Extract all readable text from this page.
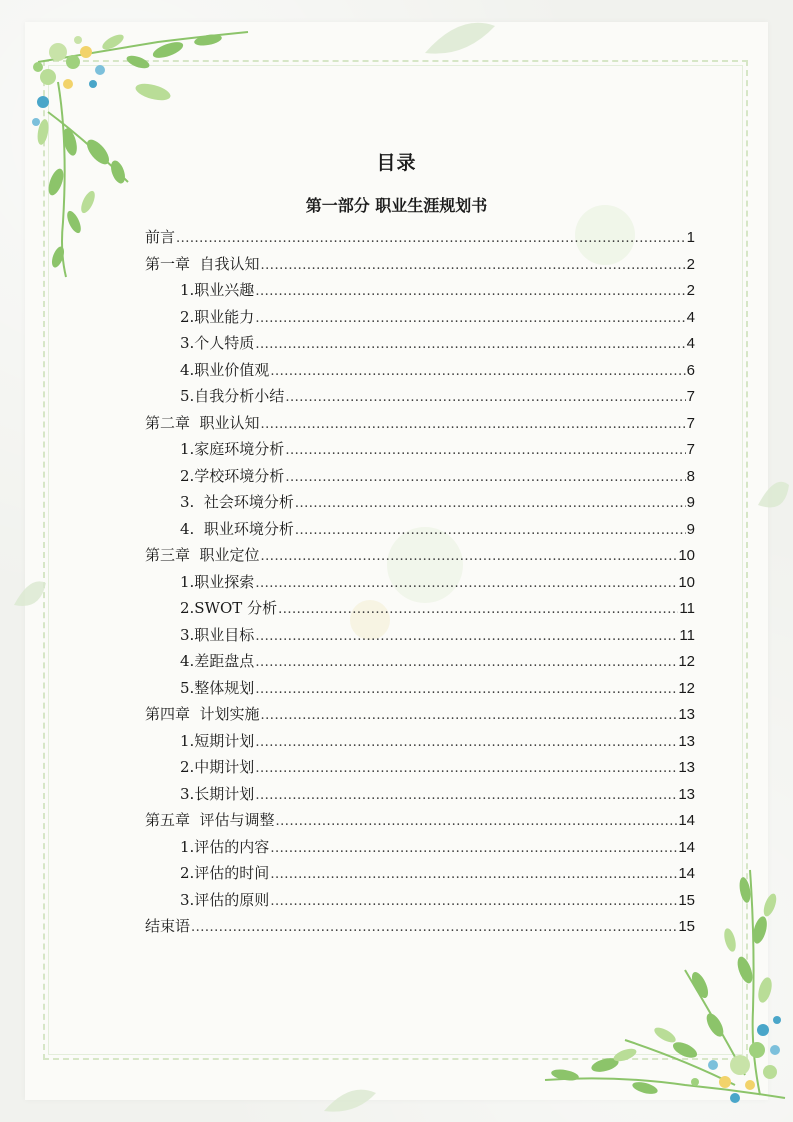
目录
第一部分 职业生涯规划书
前言 .....	1
第一章  自我认知 .....	2
1.职业兴趣 .....	2
2.职业能力 .....	4
3.个人特质 .....	4
4.职业价值观 .....	6
5.自我分析小结 .....	7
第二章  职业认知 .....	7
1.家庭环境分析 .....	7
2.学校环境分析 .....	8
3.  社会环境分析 .....	9
4.  职业环境分析 .....	9
第三章  职业定位 .....	10
1.职业探索 .....	10
2.SWOT 分析 .....	11
3.职业目标 .....	11
4.差距盘点 .....	12
5.整体规划 .....	12
第四章  计划实施 .....	13
1.短期计划 .....	13
2.中期计划 .....	13
3.长期计划 .....	13
第五章  评估与调整 .....	14
1.评估的内容 .....	14
2.评估的时间 .....	14
3.评估的原则 .....	15
结束语 .....	15
